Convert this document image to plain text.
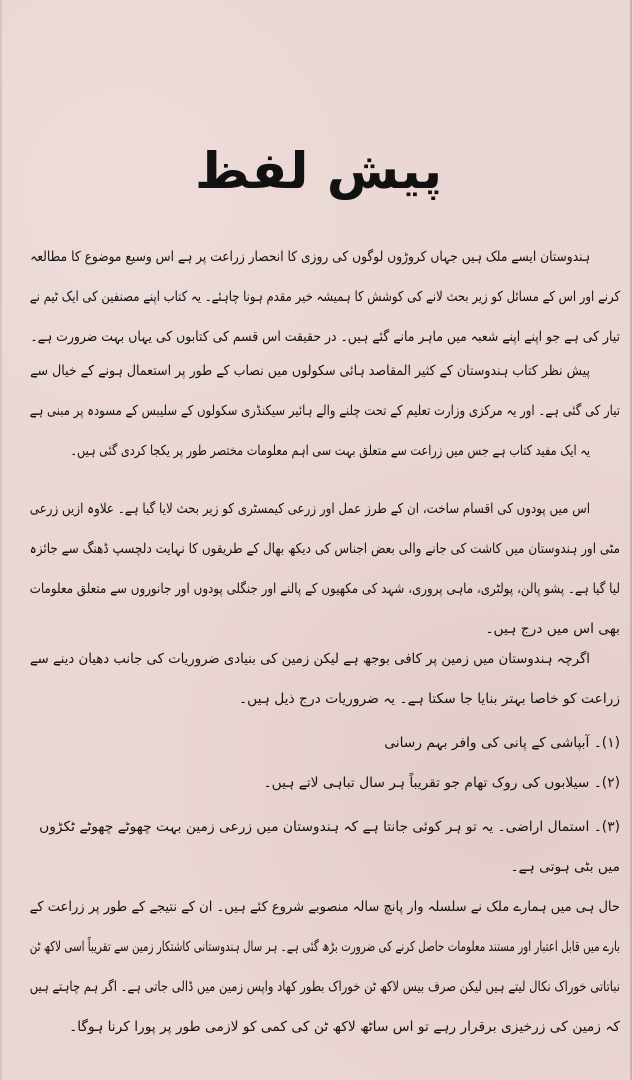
پیش لفظ
ہندوستان ایسے ملک ہیں جہاں کروڑوں لوگوں کی روزی کا انحصار زراعت پر ہے اس وسیع موضوع کا مطالعہ
کرنے اور اس کے مسائل کو زیر بحث لانے کی کوشش کا ہمیشہ خیر مقدم ہونا چاہئے۔ یہ کتاب اپنے مصنفین کی ایک ٹیم نے
تیار کی ہے جو اپنے اپنے شعبہ میں ماہر مانے گئے ہیں۔ در حقیقت اس قسم کی کتابوں کی یہاں بہت ضرورت ہے۔
پیش نظر کتاب ہندوستان کے کثیر المقاصد ہائی سکولوں میں نصاب کے طور پر استعمال ہونے کے خیال سے
تیار کی گئی ہے۔ اور یہ مرکزی وزارت تعلیم کے تحت چلنے والے ہائیر سیکنڈری سکولوں کے سلیبس کے مسودہ پر مبنی ہے
یہ ایک مفید کتاب ہے جس میں زراعت سے متعلق بہت سی اہم معلومات مختصر طور پر یکجا کردی گئی ہیں۔
اس میں پودوں کی اقسام ساخت، ان کے طرز عمل اور زرعی کیمسٹری کو زیر بحث لایا گیا ہے۔ علاوہ ازیں زرعی
مٹی اور ہندوستان میں کاشت کی جانے والی بعض اجناس کی دیکھ بھال کے طریقوں کا نہایت دلچسپ ڈھنگ سے جائزہ
لیا گیا ہے۔ پشو پالن، پولٹری، ماہی پروری، شہد کی مکھیوں کے پالنے اور جنگلی پودوں اور جانوروں سے متعلق معلومات
بھی اس میں درج ہیں۔
اگرچہ ہندوستان میں زمین پر کافی بوجھ ہے لیکن زمین کی بنیادی ضروریات کی جانب دھیان دینے سے
زراعت کو خاصا بہتر بنایا جا سکتا ہے۔ یہ ضروریات درج ذیل ہیں۔
(۱)۔ آبپاشی کے پانی کی وافر بہم رسانی
(۲)۔ سیلابوں کی روک تھام جو تقریباً ہر سال تباہی لاتے ہیں۔
(۳)۔ استمال اراضی۔ یہ تو ہر کوئی جانتا ہے کہ ہندوستان میں زرعی زمین بہت چھوٹے چھوٹے ٹکڑوں
میں بٹی ہوتی ہے۔
حال ہی میں ہمارے ملک نے سلسلہ وار پانچ سالہ منصوبے شروع کئے ہیں۔ ان کے نتیجے کے طور پر زراعت کے
بارے میں قابل اعتبار اور مستند معلومات حاصل کرنے کی ضرورت بڑھ گئی ہے۔ ہر سال ہندوستانی کاشتکار زمین سے تقریباً اسی لاکھ ٹن
نباتاتی خوراک نکال لیتے ہیں لیکن صرف بیس لاکھ ٹن خوراک بطور کھاد واپس زمین میں ڈالی جاتی ہے۔ اگر ہم چاہتے ہیں
کہ زمین کی زرخیزی برقرار رہے تو اس ساٹھ لاکھ ٹن کی کمی کو لازمی طور پر پورا کرنا ہوگا۔
